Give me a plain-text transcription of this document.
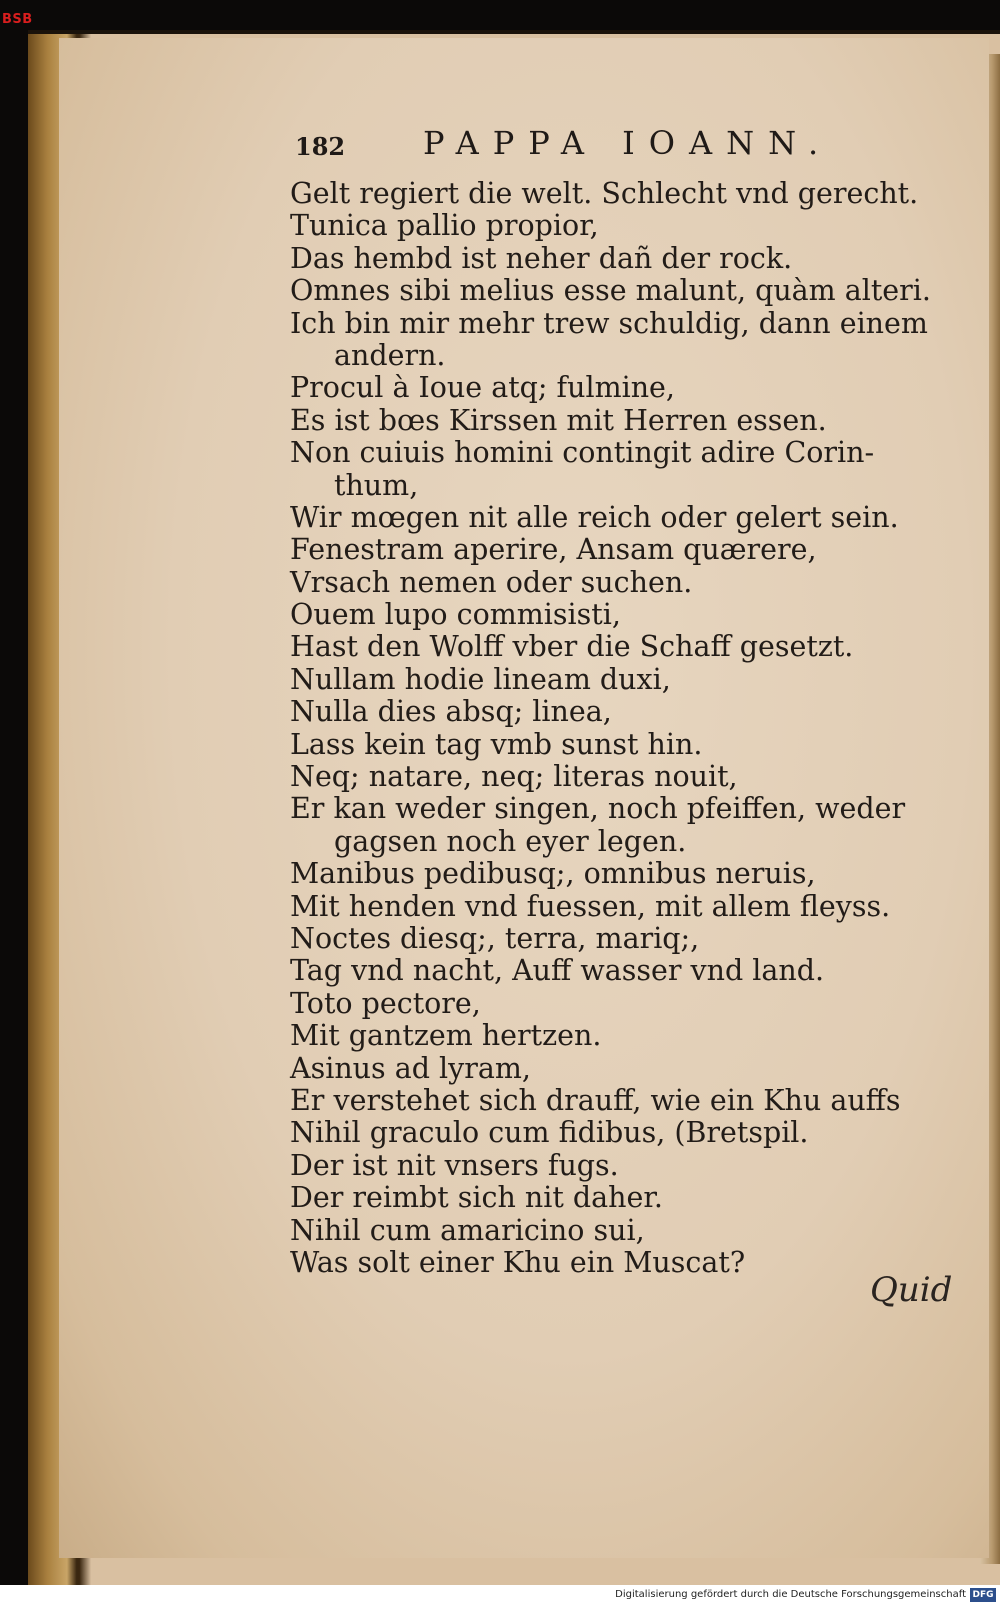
BSB
182 PAPPA IOANN.
Gelt regiert die welt. Schlecht vnd gerecht.
Tunica pallio propior,
Das hembd ist neher dañ der rock.
Omnes sibi melius esse malunt, quàm alteri.
Ich bin mir mehr trew schuldig, dann einem
andern.
Procul à Ioue atq; fulmine,
Es ist bœs Kirssen mit Herren essen.
Non cuiuis homini contingit adire Corin-
thum,
Wir mœgen nit alle reich oder gelert sein.
Fenestram aperire, Ansam quærere,
Vrsach nemen oder suchen.
Ouem lupo commisisti,
Hast den Wolff vber die Schaff gesetzt.
Nullam hodie lineam duxi,
Nulla dies absq; linea,
Lass kein tag vmb sunst hin.
Neq; natare, neq; literas nouit,
Er kan weder singen, noch pfeiffen, weder
gagsen noch eyer legen.
Manibus pedibusq;, omnibus neruis,
Mit henden vnd fuessen, mit allem fleyss.
Noctes diesq;, terra, mariq;,
Tag vnd nacht, Auff wasser vnd land.
Toto pectore,
Mit gantzem hertzen.
Asinus ad lyram,
Er verstehet sich drauff, wie ein Khu auffs
Nihil graculo cum fidibus, (Bretspil.
Der ist nit vnsers fugs.
Der reimbt sich nit daher.
Nihil cum amaricino sui,
Was solt einer Khu ein Muscat?
Quid
Digitalisierung gefördert durch die Deutsche Forschungsgemeinschaft DFG
